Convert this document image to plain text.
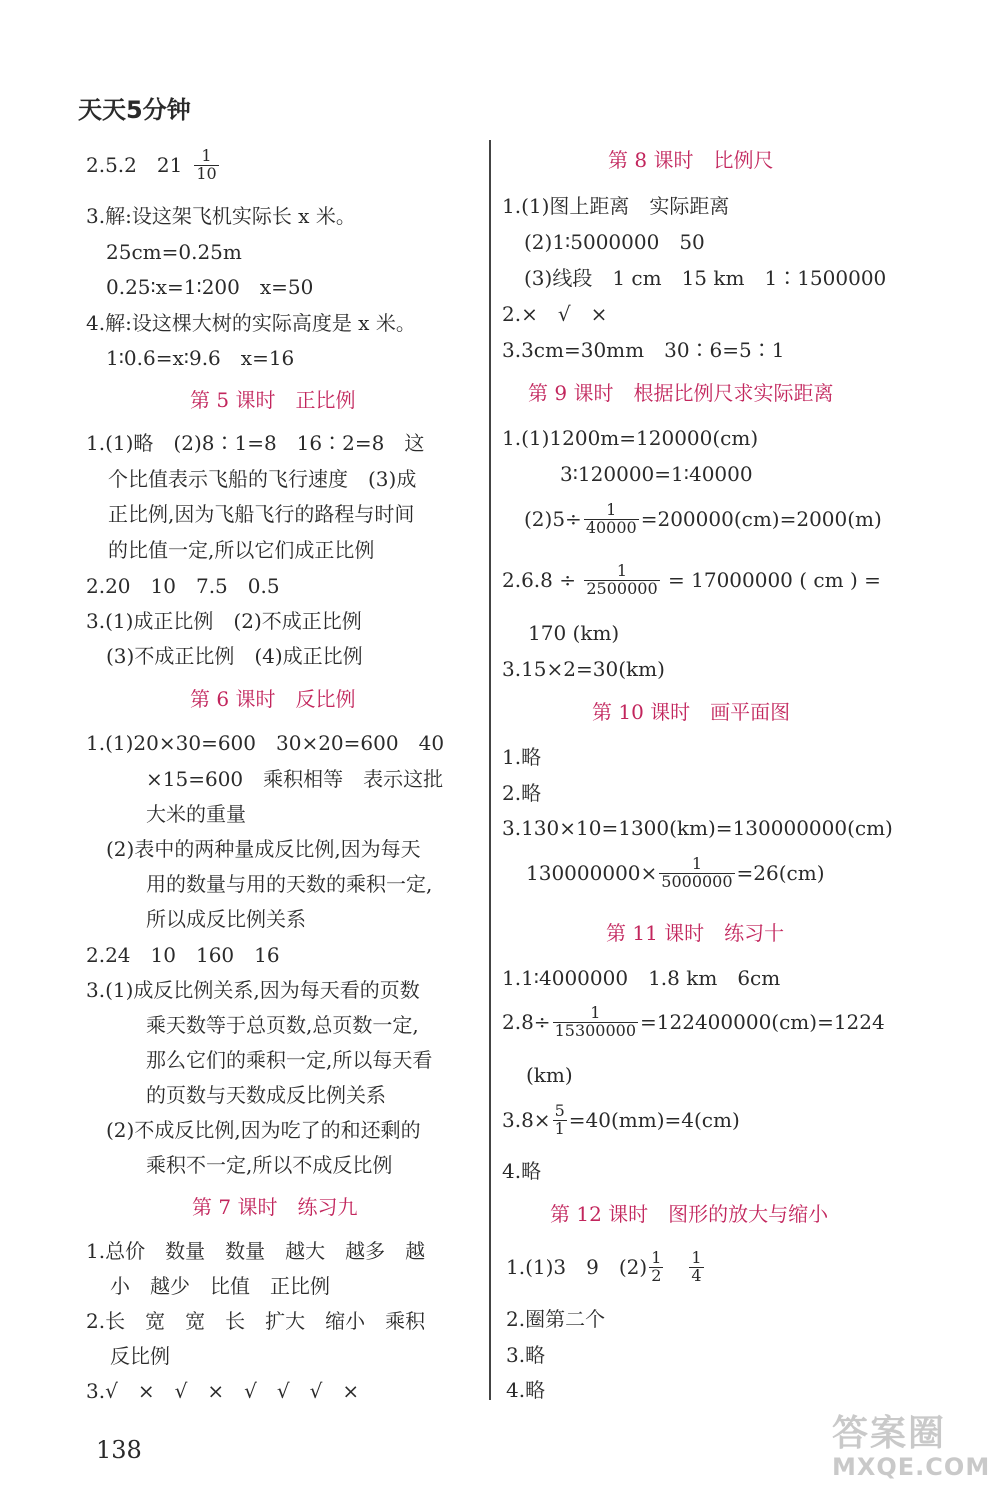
天天5分钟
2.5.2　$21 \frac{1}{10}$
3.解:设这架飞机实际长 x 米。
25cm=0.25m
0.25∶x=1∶200　x=50
4.解:设这棵大树的实际高度是 x 米。
1∶0.6=x∶9.6　x=16
第 5 课时　正比例
1.(1)略　(2)8∶1=8　16∶2=8　这
个比值表示飞船的飞行速度　(3)成
正比例,因为飞船飞行的路程与时间
的比值一定,所以它们成正比例
2.20　10　7.5　0.5
3.(1)成正比例　(2)不成正比例
(3)不成正比例　(4)成正比例
第 6 课时　反比例
1.(1)20×30=600　30×20=600　40
×15=600　乘积相等　表示这批
大米的重量
(2)表中的两种量成反比例,因为每天
用的数量与用的天数的乘积一定,
所以成反比例关系
2.24　10　160　16
3.(1)成反比例关系,因为每天看的页数
乘天数等于总页数,总页数一定,
那么它们的乘积一定,所以每天看
的页数与天数成反比例关系
(2)不成反比例,因为吃了的和还剩的
乘积不一定,所以不成反比例
第 7 课时　练习九
1.总价　数量　数量　越大　越多　越
小　越少　比值　正比例
2.长　宽　宽　长　扩大　缩小　乘积
反比例
3.√　×　√　×　√　√　√　×
第 8 课时　比例尺
1.(1)图上距离　实际距离
(2)1∶5000000　50
(3)线段　1 cm　15 km　1∶1500000
2.×　√　×
3.3cm=30mm　30∶6=5∶1
第 9 课时　根据比例尺求实际距离
1.(1)1200m=120000(cm)
3∶120000=1∶40000
$(2)5\div \frac{1}{40000} =200000(cm)=2000(m)$
$2.6.8 \div \frac{1}{2500000} = 17000000$ ( cm ) =
170 (km)
3.15×2=30(km)
第 10 课时　画平面图
1.略
2.略
3.130×10=1300(km)=130000000(cm)
$130000000\times \frac{1}{5000000} =26(cm)$
第 11 课时　练习十
1.1∶4000000　1.8 km　6cm
$2.8\div \frac{1}{15300000} =122400000(cm)=1224$
(km)
$3.8\times \frac{5}{1} =40(mm)=4(cm)$
4.略
第 12 课时　图形的放大与缩小
1.(1)3　9　$(2) \frac{1}{2} \frac{1}{4}$
2.圈第二个
3.略
4.略
138	答案圈
MXQE.COM
